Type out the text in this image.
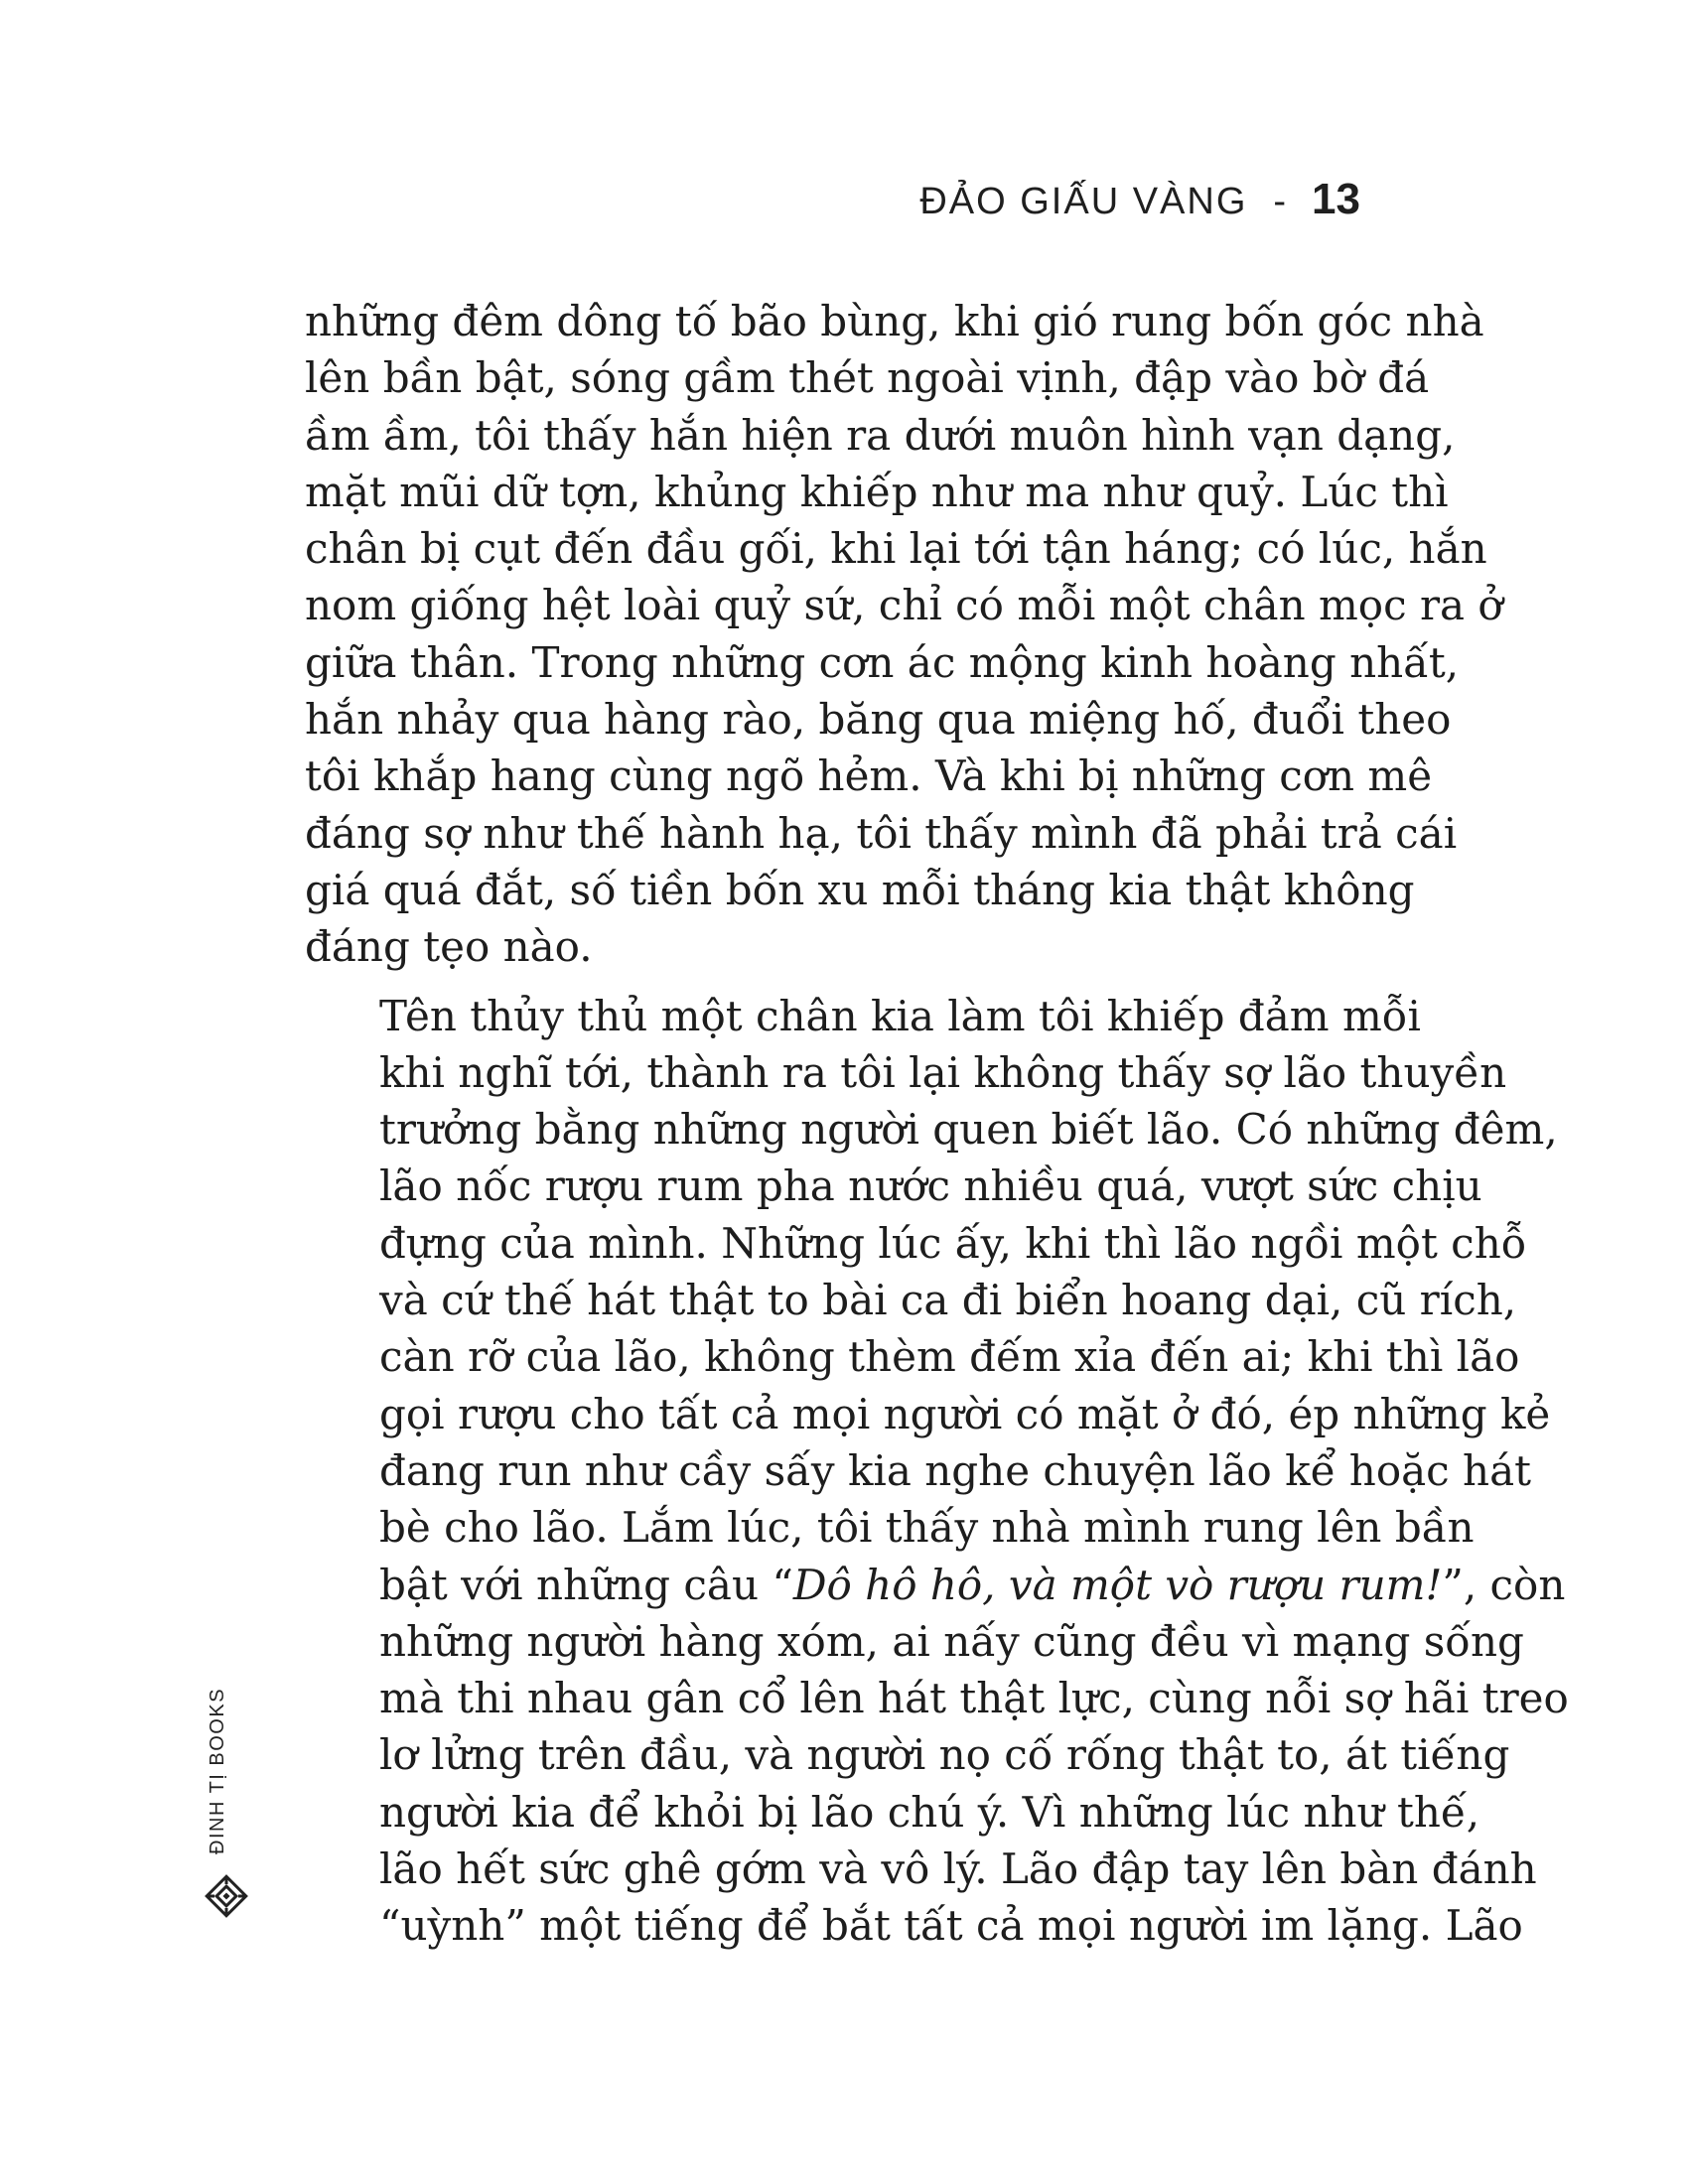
ĐẢO GIẤU VÀNG - 13
những đêm dông tố bão bùng, khi gió rung bốn góc nhà
lên bần bật, sóng gầm thét ngoài vịnh, đập vào bờ đá
ầm ầm, tôi thấy hắn hiện ra dưới muôn hình vạn dạng,
mặt mũi dữ tợn, khủng khiếp như ma như quỷ. Lúc thì
chân bị cụt đến đầu gối, khi lại tới tận háng; có lúc, hắn
nom giống hệt loài quỷ sứ, chỉ có mỗi một chân mọc ra ở
giữa thân. Trong những cơn ác mộng kinh hoàng nhất,
hắn nhảy qua hàng rào, băng qua miệng hố, đuổi theo
tôi khắp hang cùng ngõ hẻm. Và khi bị những cơn mê
đáng sợ như thế hành hạ, tôi thấy mình đã phải trả cái
giá quá đắt, số tiền bốn xu mỗi tháng kia thật không
đáng tẹo nào.
Tên thủy thủ một chân kia làm tôi khiếp đảm mỗi
khi nghĩ tới, thành ra tôi lại không thấy sợ lão thuyền
trưởng bằng những người quen biết lão. Có những đêm,
lão nốc rượu rum pha nước nhiều quá, vượt sức chịu
đựng của mình. Những lúc ấy, khi thì lão ngồi một chỗ
và cứ thế hát thật to bài ca đi biển hoang dại, cũ rích,
càn rỡ của lão, không thèm đếm xỉa đến ai; khi thì lão
gọi rượu cho tất cả mọi người có mặt ở đó, ép những kẻ
đang run như cầy sấy kia nghe chuyện lão kể hoặc hát
bè cho lão. Lắm lúc, tôi thấy nhà mình rung lên bần
bật với những câu “Dô hô hô, và một vò rượu rum!”, còn
những người hàng xóm, ai nấy cũng đều vì mạng sống
mà thi nhau gân cổ lên hát thật lực, cùng nỗi sợ hãi treo
lơ lửng trên đầu, và người nọ cố rống thật to, át tiếng
người kia để khỏi bị lão chú ý. Vì những lúc như thế,
lão hết sức ghê gớm và vô lý. Lão đập tay lên bàn đánh
“uỳnh” một tiếng để bắt tất cả mọi người im lặng. Lão
ĐINH TỊ BOOKS
